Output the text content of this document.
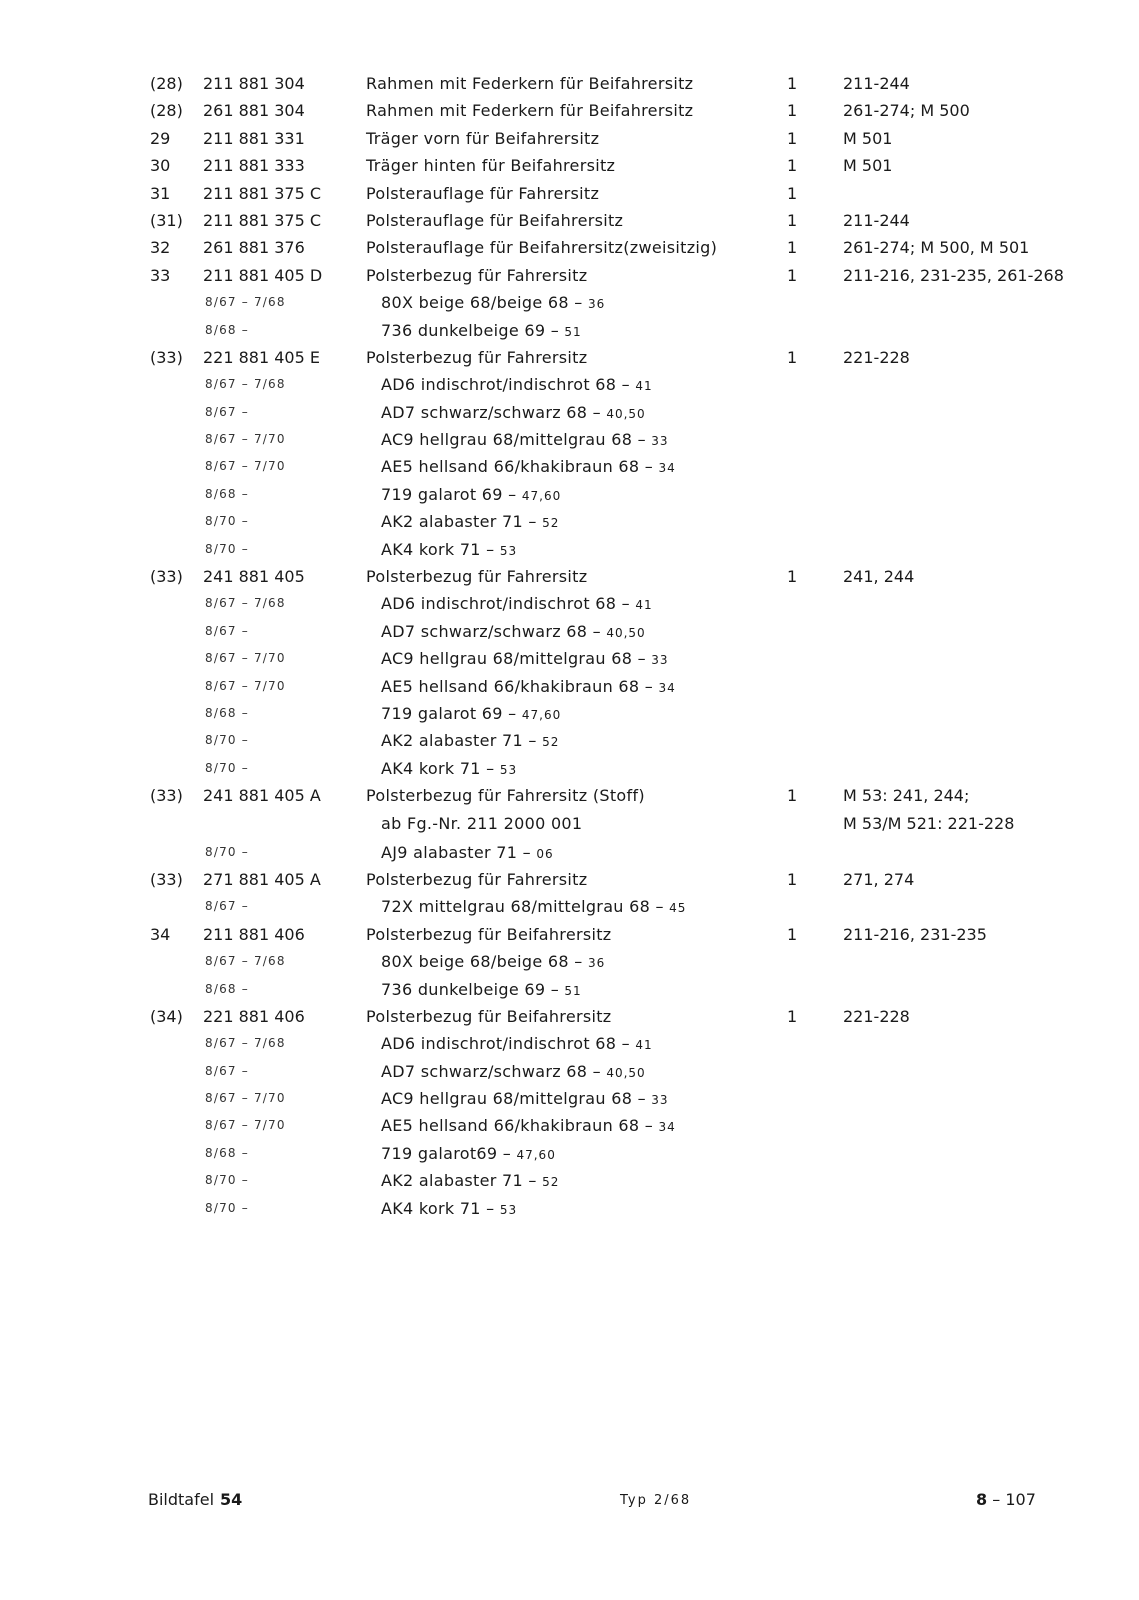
(28) 211 881 304	Rahmen mit Federkern für Beifahrersitz	1	211-244
(28) 261 881 304	Rahmen mit Federkern für Beifahrersitz	1	261-274; M 500
29 211 881 331	Träger vorn für Beifahrersitz	1	M 501
30 211 881 333	Träger hinten für Beifahrersitz	1	M 501
31 211 881 375 C	Polsterauflage für Fahrersitz	1
(31) 211 881 375 C	Polsterauflage für Beifahrersitz	1	211-244
32 261 881 376	Polsterauflage für Beifahrersitz(zweisitzig)	1	261-274; M 500, M 501
33 211 881 405 D	Polsterbezug für Fahrersitz	1	211-216, 231-235, 261-268
8/67 – 7/68	80X beige 68/beige 68 – 36
8/68 –	736 dunkelbeige 69 – 51
(33) 221 881 405 E	Polsterbezug für Fahrersitz	1	221-228
8/67 – 7/68	AD6 indischrot/indischrot 68 – 41
8/67 –	AD7 schwarz/schwarz 68 – 40,50
8/67 – 7/70	AC9 hellgrau 68/mittelgrau 68 – 33
8/67 – 7/70	AE5 hellsand 66/khakibraun 68 – 34
8/68 –	719 galarot 69 – 47,60
8/70 –	AK2 alabaster 71 – 52
8/70 –	AK4 kork 71 – 53
(33) 241 881 405	Polsterbezug für Fahrersitz	1	241, 244
8/67 – 7/68	AD6 indischrot/indischrot 68 – 41
8/67 –	AD7 schwarz/schwarz 68 – 40,50
8/67 – 7/70	AC9 hellgrau 68/mittelgrau 68 – 33
8/67 – 7/70	AE5 hellsand 66/khakibraun 68 – 34
8/68 –	719 galarot 69 – 47,60
8/70 –	AK2 alabaster 71 – 52
8/70 –	AK4 kork 71 – 53
(33) 241 881 405 A	Polsterbezug für Fahrersitz (Stoff)	1	M 53: 241, 244;
ab Fg.-Nr. 211 2000 001	M 53/M 521: 221-228
8/70 –	AJ9 alabaster 71 – 06
(33) 271 881 405 A	Polsterbezug für Fahrersitz	1	271, 274
8/67 –	72X mittelgrau 68/mittelgrau 68 – 45
34 211 881 406	Polsterbezug für Beifahrersitz	1	211-216, 231-235
8/67 – 7/68	80X beige 68/beige 68 – 36
8/68 –	736 dunkelbeige 69 – 51
(34) 221 881 406	Polsterbezug für Beifahrersitz	1	221-228
8/67 – 7/68	AD6 indischrot/indischrot 68 – 41
8/67 –	AD7 schwarz/schwarz 68 – 40,50
8/67 – 7/70	AC9 hellgrau 68/mittelgrau 68 – 33
8/67 – 7/70	AE5 hellsand 66/khakibraun 68 – 34
8/68 –	719 galarot69 – 47,60
8/70 –	AK2 alabaster 71 – 52
8/70 –	AK4 kork 71 – 53
Bildtafel 54	Typ 2/68	8 – 107
